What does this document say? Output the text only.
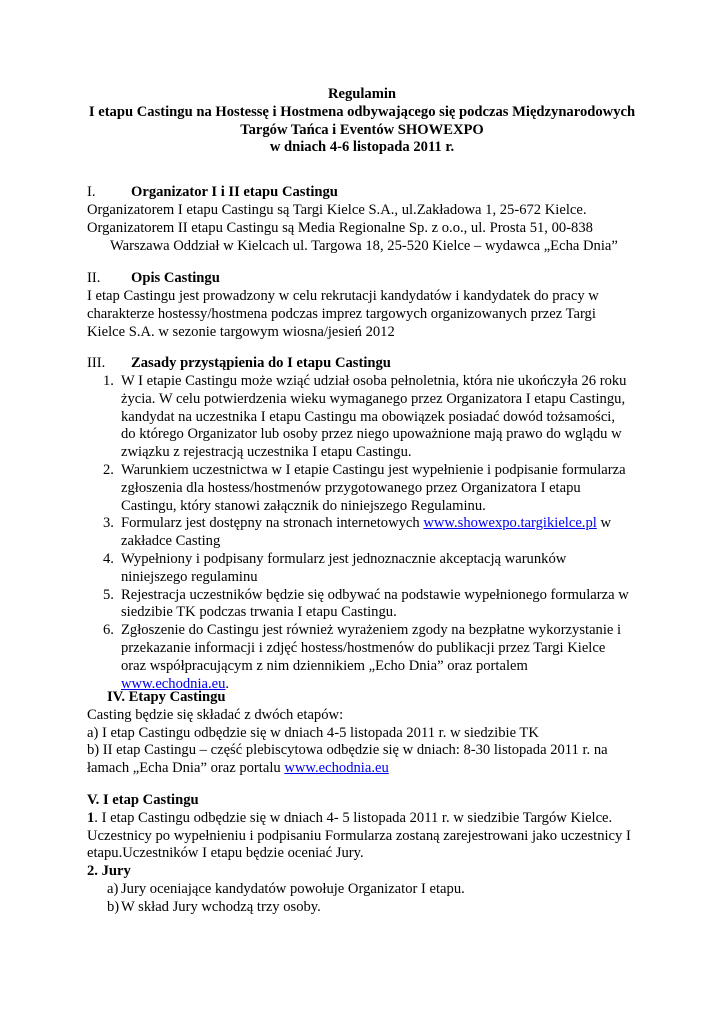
Regulamin
I etapu Castingu na Hostessę i Hostmena odbywającego się podczas Międzynarodowych
Targów Tańca i Eventów SHOWEXPO
w dniach 4-6 listopada 2011 r.
I. Organizator I i II etapu Castingu
Organizatorem I etapu Castingu są Targi Kielce S.A., ul.Zakładowa 1, 25-672 Kielce.
Organizatorem II etapu Castingu są Media Regionalne Sp. z o.o., ul. Prosta 51, 00-838
Warszawa Oddział w Kielcach ul. Targowa 18, 25-520 Kielce – wydawca „Echa Dnia”
II. Opis Castingu
I etap Castingu jest prowadzony w celu rekrutacji kandydatów i kandydatek do pracy w
charakterze hostessy/hostmena podczas imprez targowych organizowanych przez Targi
Kielce S.A. w sezonie targowym wiosna/jesień 2012
III. Zasady przystąpienia do I etapu Castingu
1. W I etapie Castingu może wziąć udział osoba pełnoletnia, która nie ukończyła 26 roku
życia. W celu potwierdzenia wieku wymaganego przez Organizatora I etapu Castingu,
kandydat na uczestnika I etapu Castingu ma obowiązek posiadać dowód tożsamości,
do którego Organizator lub osoby przez niego upoważnione mają prawo do wglądu w
związku z rejestracją uczestnika I etapu Castingu.
2. Warunkiem uczestnictwa w I etapie Castingu jest wypełnienie i podpisanie formularza
zgłoszenia dla hostess/hostmenów przygotowanego przez Organizatora I etapu
Castingu, który stanowi załącznik do niniejszego Regulaminu.
3. Formularz jest dostępny na stronach internetowych www.showexpo.targikielce.pl w
zakładce Casting
4. Wypełniony i podpisany formularz jest jednoznacznie akceptacją warunków
niniejszego regulaminu
5. Rejestracja uczestników będzie się odbywać na podstawie wypełnionego formularza w
siedzibie TK podczas trwania I etapu Castingu.
6. Zgłoszenie do Castingu jest również wyrażeniem zgody na bezpłatne wykorzystanie i
przekazanie informacji i zdjęć hostess/hostmenów do publikacji przez Targi Kielce
oraz współpracującym z nim dziennikiem „Echo Dnia” oraz portalem
www.echodnia.eu.
IV. Etapy Castingu
Casting będzie się składać z dwóch etapów:
a) I etap Castingu odbędzie się w dniach 4-5 listopada 2011 r. w siedzibie TK
b) II etap Castingu – część plebiscytowa odbędzie się w dniach: 8-30 listopada 2011 r. na
łamach „Echa Dnia” oraz portalu www.echodnia.eu
V. I etap Castingu
1. I etap Castingu odbędzie się w dniach 4- 5 listopada 2011 r. w siedzibie Targów Kielce.
Uczestnicy po wypełnieniu i podpisaniu Formularza zostaną zarejestrowani jako uczestnicy I
etapu.Uczestników I etapu będzie oceniać Jury.
2. Jury
a) Jury oceniające kandydatów powołuje Organizator I etapu.
b) W skład Jury wchodzą trzy osoby.
